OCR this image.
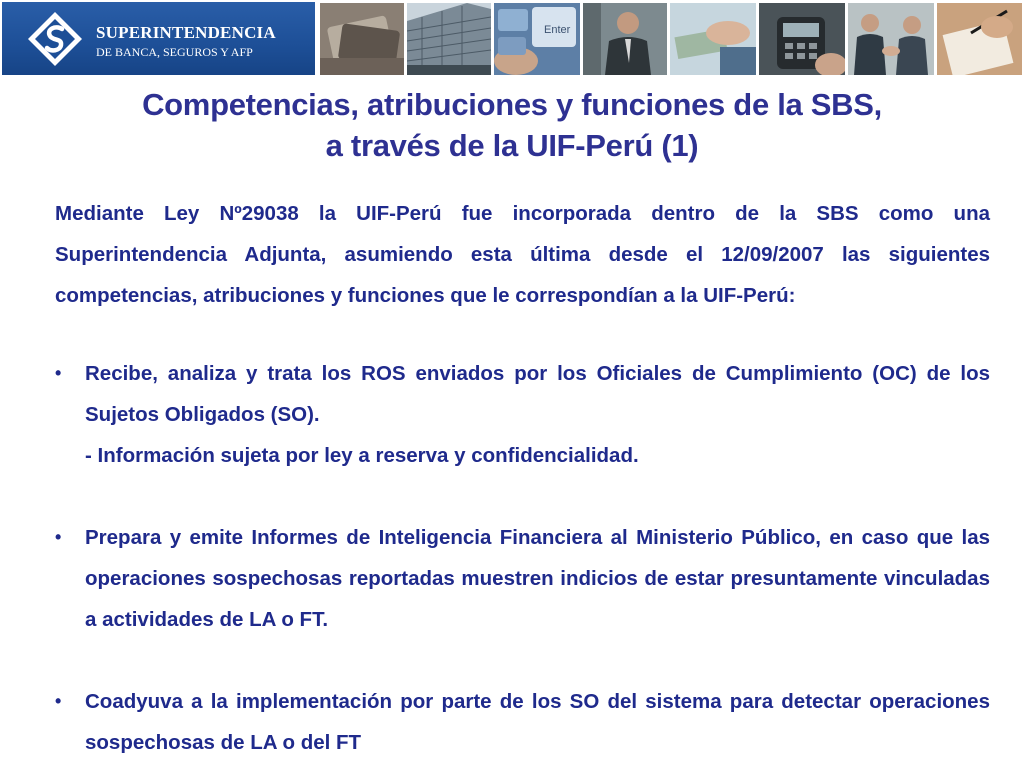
SUPERINTENDENCIA
DE BANCA, SEGUROS Y AFP
Enter
Competencias, atribuciones y funciones de la SBS,
a través de la UIF-Perú (1)
Mediante Ley Nº29038 la UIF-Perú fue incorporada dentro de la SBS como una Superintendencia Adjunta, asumiendo esta última desde el 12/09/2007 las siguientes competencias, atribuciones y funciones que le correspondían a la UIF-Perú:
•	Recibe, analiza y trata los ROS enviados por los Oficiales de Cumplimiento (OC) de los Sujetos Obligados (SO).
- Información sujeta por ley a reserva y confidencialidad.
•	Prepara y emite Informes de Inteligencia Financiera al Ministerio Público, en caso que las operaciones sospechosas reportadas muestren indicios de estar presuntamente vinculadas a actividades de LA o FT.
•	Coadyuva a la implementación por parte de los SO del sistema para detectar operaciones sospechosas de LA o del FT
